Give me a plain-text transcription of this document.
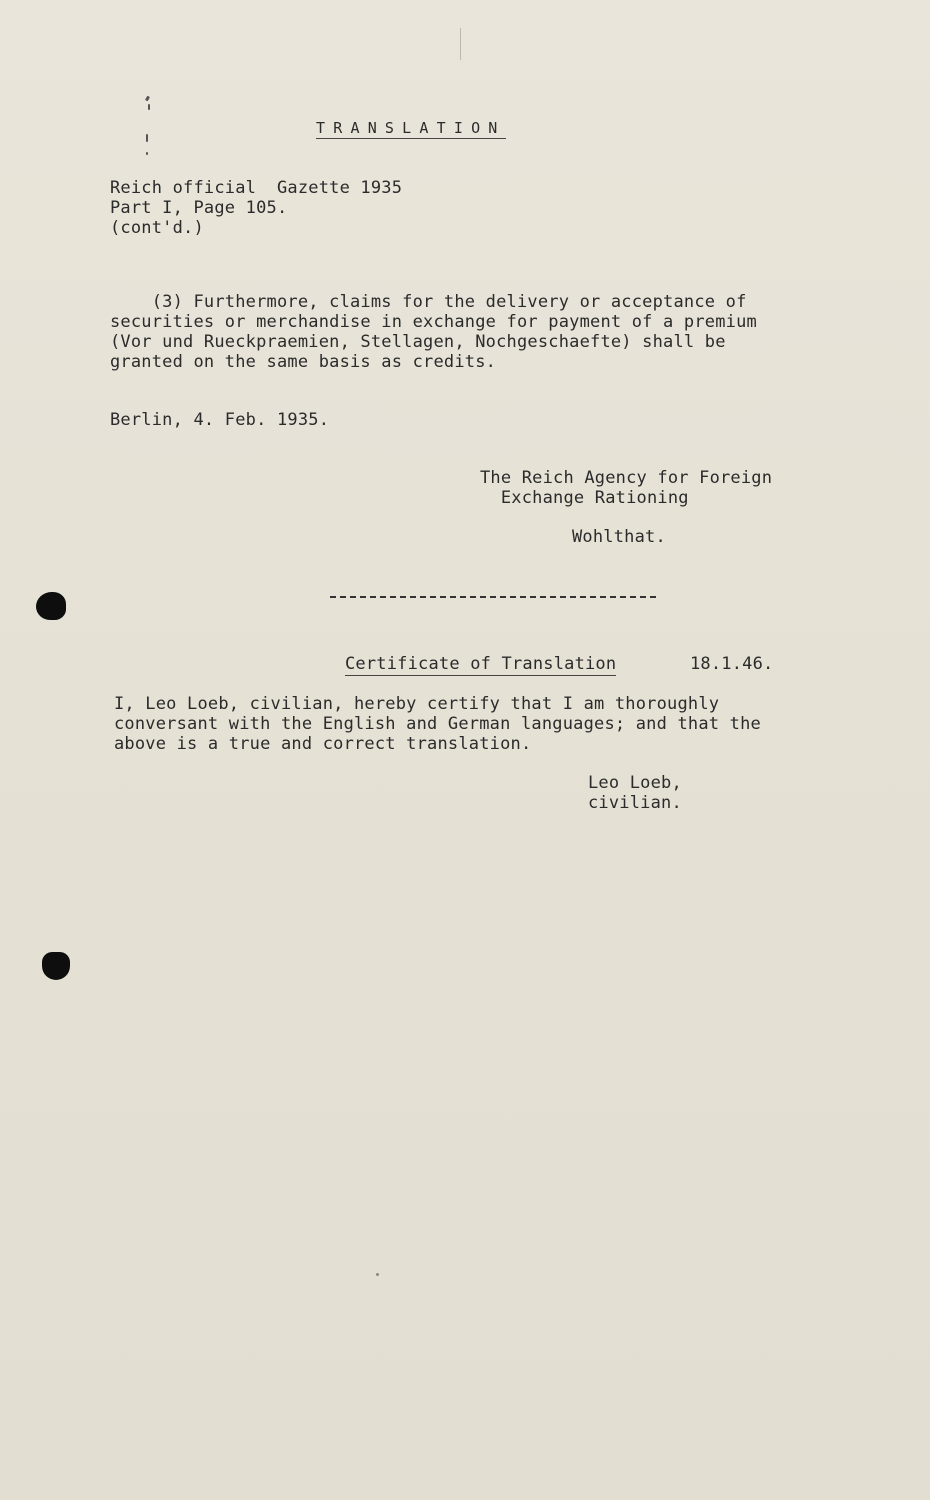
TRANSLATION
Reich official  Gazette 1935
Part I, Page 105.
(cont'd.)
(3) Furthermore, claims for the delivery or acceptance of
securities or merchandise in exchange for payment of a premium
(Vor und Rueckpraemien, Stellagen, Nochgeschaefte) shall be
granted on the same basis as credits.
Berlin, 4. Feb. 1935.
The Reich Agency for Foreign
Exchange Rationing
Wohlthat.
Certificate of Translation	18.1.46.
I, Leo Loeb, civilian, hereby certify that I am thoroughly
conversant with the English and German languages; and that the
above is a true and correct translation.
Leo Loeb,
civilian.
